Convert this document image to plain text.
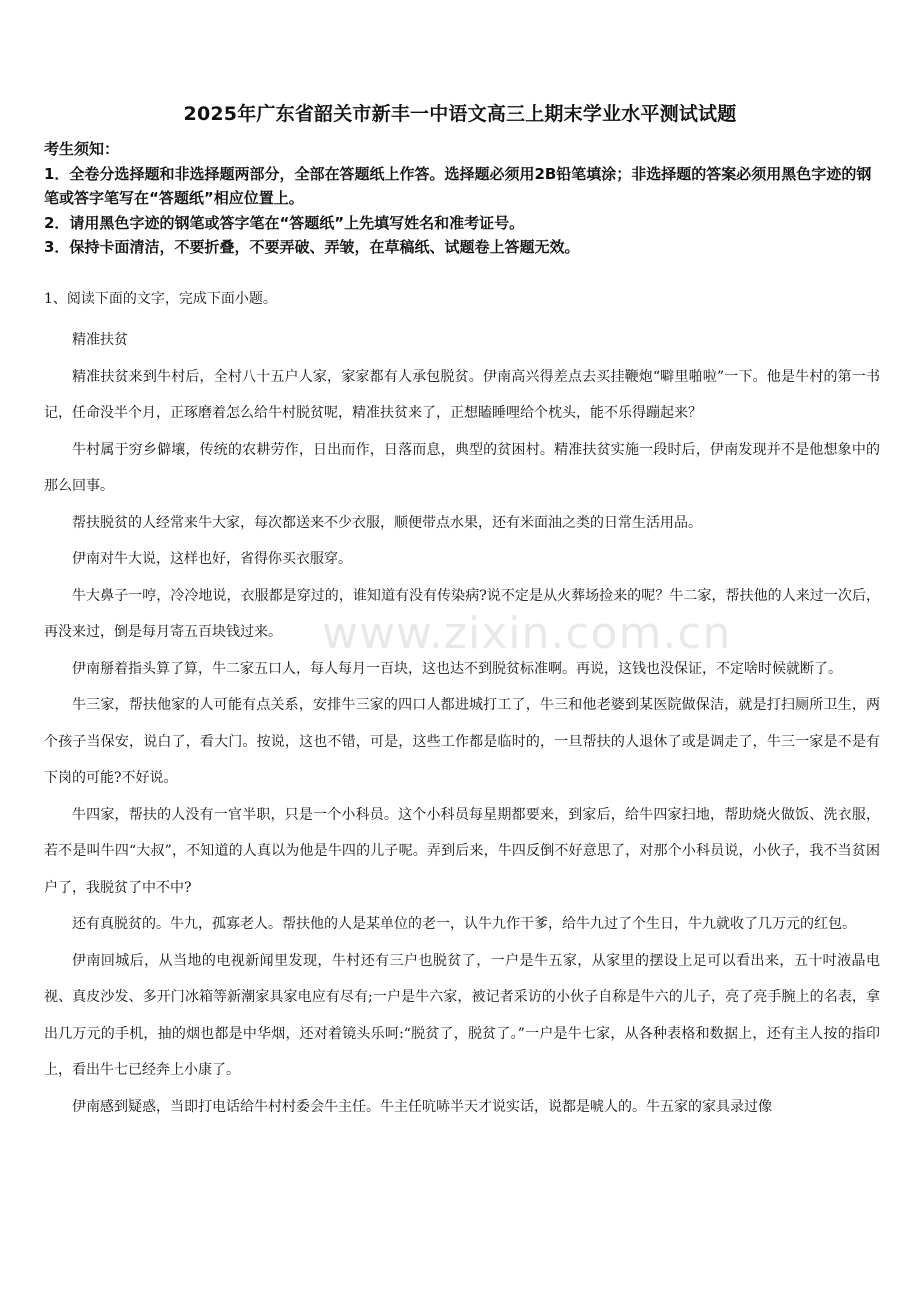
2025年广东省韶关市新丰一中语文高三上期末学业水平测试试题
考生须知：
1．全卷分选择题和非选择题两部分，全部在答题纸上作答。选择题必须用2B铅笔填涂；非选择题的答案必须用黑色字迹的钢笔或答字笔写在“答题纸”相应位置上。
2．请用黑色字迹的钢笔或答字笔在“答题纸”上先填写姓名和准考证号。
3．保持卡面清洁，不要折叠，不要弄破、弄皱，在草稿纸、试题卷上答题无效。
1、阅读下面的文字，完成下面小题。

精准扶贫

精准扶贫来到牛村后，全村八十五户人家，家家都有人承包脱贫。伊南高兴得差点去买挂鞭炮“噼里啪啦”一下。他是牛村的第一书记，任命没半个月，正琢磨着怎么给牛村脱贫呢，精准扶贫来了，正想瞌睡哩给个枕头，能不乐得蹦起来？

牛村属于穷乡僻壤，传统的农耕劳作，日出而作，日落而息，典型的贫困村。精准扶贫实施一段时后，伊南发现并不是他想象中的那么回事。

帮扶脱贫的人经常来牛大家，每次都送来不少衣服，顺便带点水果，还有米面油之类的日常生活用品。

伊南对牛大说，这样也好，省得你买衣服穿。

牛大鼻子一哼，冷冷地说，衣服都是穿过的，谁知道有没有传染病?说不定是从火葬场捡来的呢？牛二家，帮扶他的人来过一次后，再没来过，倒是每月寄五百块钱过来。

伊南掰着指头算了算，牛二家五口人，每人每月一百块，这也达不到脱贫标准啊。再说，这钱也没保证，不定啥时候就断了。

牛三家，帮扶他家的人可能有点关系，安排牛三家的四口人都进城打工了，牛三和他老婆到某医院做保洁，就是打扫厕所卫生，两个孩子当保安，说白了，看大门。按说，这也不错，可是，这些工作都是临时的，一旦帮扶的人退休了或是调走了，牛三一家是不是有下岗的可能?不好说。

牛四家，帮扶的人没有一官半职，只是一个小科员。这个小科员每星期都要来，到家后，给牛四家扫地，帮助烧火做饭、洗衣服，若不是叫牛四“大叔”，不知道的人真以为他是牛四的儿子呢。弄到后来，牛四反倒不好意思了，对那个小科员说，小伙子，我不当贫困户了，我脱贫了中不中?

还有真脱贫的。牛九，孤寡老人。帮扶他的人是某单位的老一，认牛九作干爹，给牛九过了个生日，牛九就收了几万元的红包。

伊南回城后，从当地的电视新闻里发现，牛村还有三户也脱贫了，一户是牛五家，从家里的摆设上足可以看出来，五十吋液晶电视、真皮沙发、多开门冰箱等新潮家具家电应有尽有;一户是牛六家，被记者采访的小伙子自称是牛六的儿子，亮了亮手腕上的名表，拿出几万元的手机，抽的烟也都是中华烟，还对着镜头乐呵:“脱贫了，脱贫了。”一户是牛七家，从各种表格和数据上，还有主人按的指印上，看出牛七已经奔上小康了。

伊南感到疑惑，当即打电话给牛村村委会牛主任。牛主任吭哧半天才说实话，说都是唬人的。牛五家的家具录过像

www.zixin.com.cn
